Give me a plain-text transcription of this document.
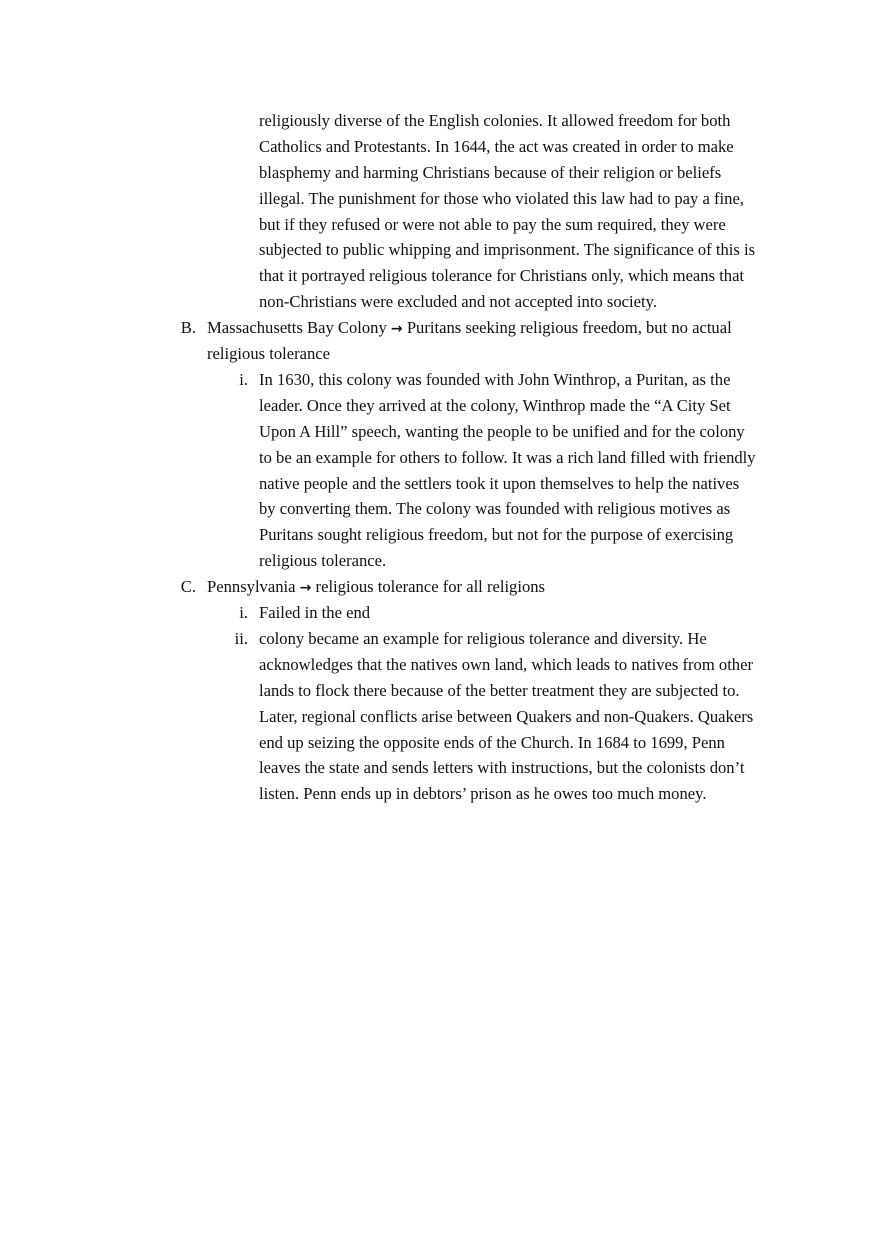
religiously diverse of the English colonies. It allowed freedom for both
Catholics and Protestants. In 1644, the act was created in order to make
blasphemy and harming Christians because of their religion or beliefs
illegal. The punishment for those who violated this law had to pay a fine,
but if they refused or were not able to pay the sum required, they were
subjected to public whipping and imprisonment. The significance of this is
that it portrayed religious tolerance for Christians only, which means that
non-Christians were excluded and not accepted into society.
B. Massachusetts Bay Colony → Puritans seeking religious freedom, but no actual
religious tolerance
i. In 1630, this colony was founded with John Winthrop, a Puritan, as the
leader. Once they arrived at the colony, Winthrop made the “A City Set
Upon A Hill” speech, wanting the people to be unified and for the colony
to be an example for others to follow. It was a rich land filled with friendly
native people and the settlers took it upon themselves to help the natives
by converting them. The colony was founded with religious motives as
Puritans sought religious freedom, but not for the purpose of exercising
religious tolerance.
C. Pennsylvania → religious tolerance for all religions
i. Failed in the end
ii. colony became an example for religious tolerance and diversity. He
acknowledges that the natives own land, which leads to natives from other
lands to flock there because of the better treatment they are subjected to.
Later, regional conflicts arise between Quakers and non-Quakers. Quakers
end up seizing the opposite ends of the Church. In 1684 to 1699, Penn
leaves the state and sends letters with instructions, but the colonists don’t
listen. Penn ends up in debtors’ prison as he owes too much money.
